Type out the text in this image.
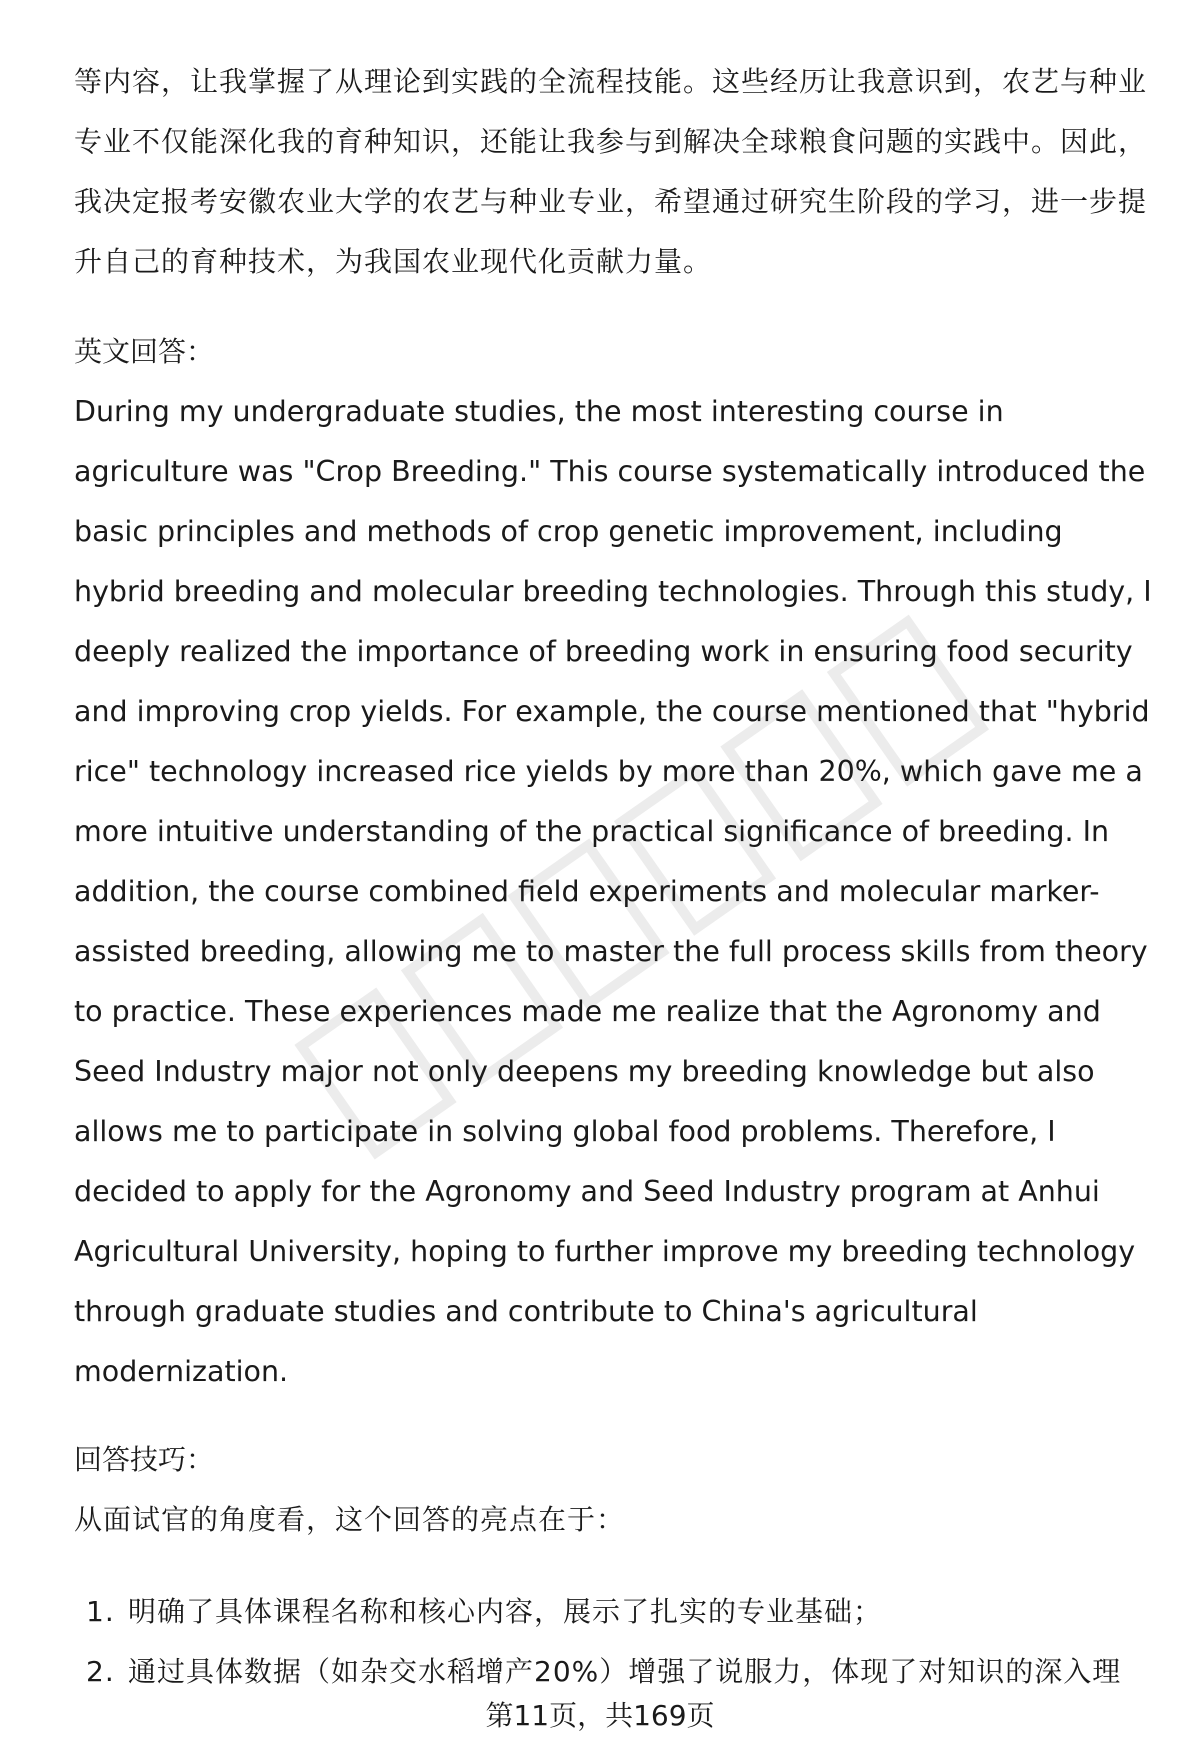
等内容，让我掌握了从理论到实践的全流程技能。这些经历让我意识到，农艺与种业专业不仅能深化我的育种知识，还能让我参与到解决全球粮食问题的实践中。因此，我决定报考安徽农业大学的农艺与种业专业，希望通过研究生阶段的学习，进一步提升自己的育种技术，为我国农业现代化贡献力量。

英文回答：

During my undergraduate studies, the most interesting course in agriculture was "Crop Breeding." This course systematically introduced the basic principles and methods of crop genetic improvement, including hybrid breeding and molecular breeding technologies. Through this study, I deeply realized the importance of breeding work in ensuring food security and improving crop yields. For example, the course mentioned that "hybrid rice" technology increased rice yields by more than 20%, which gave me a more intuitive understanding of the practical significance of breeding. In addition, the course combined field experiments and molecular marker-assisted breeding, allowing me to master the full process skills from theory to practice. These experiences made me realize that the Agronomy and Seed Industry major not only deepens my breeding knowledge but also allows me to participate in solving global food problems. Therefore, I decided to apply for the Agronomy and Seed Industry program at Anhui Agricultural University, hoping to further improve my breeding technology through graduate studies and contribute to China's agricultural modernization.

回答技巧：

从面试官的角度看，这个回答的亮点在于：

1. 明确了具体课程名称和核心内容，展示了扎实的专业基础；
2. 通过具体数据（如杂交水稻增产20%）增强了说服力，体现了对知识的深入理
第11页，共169页
